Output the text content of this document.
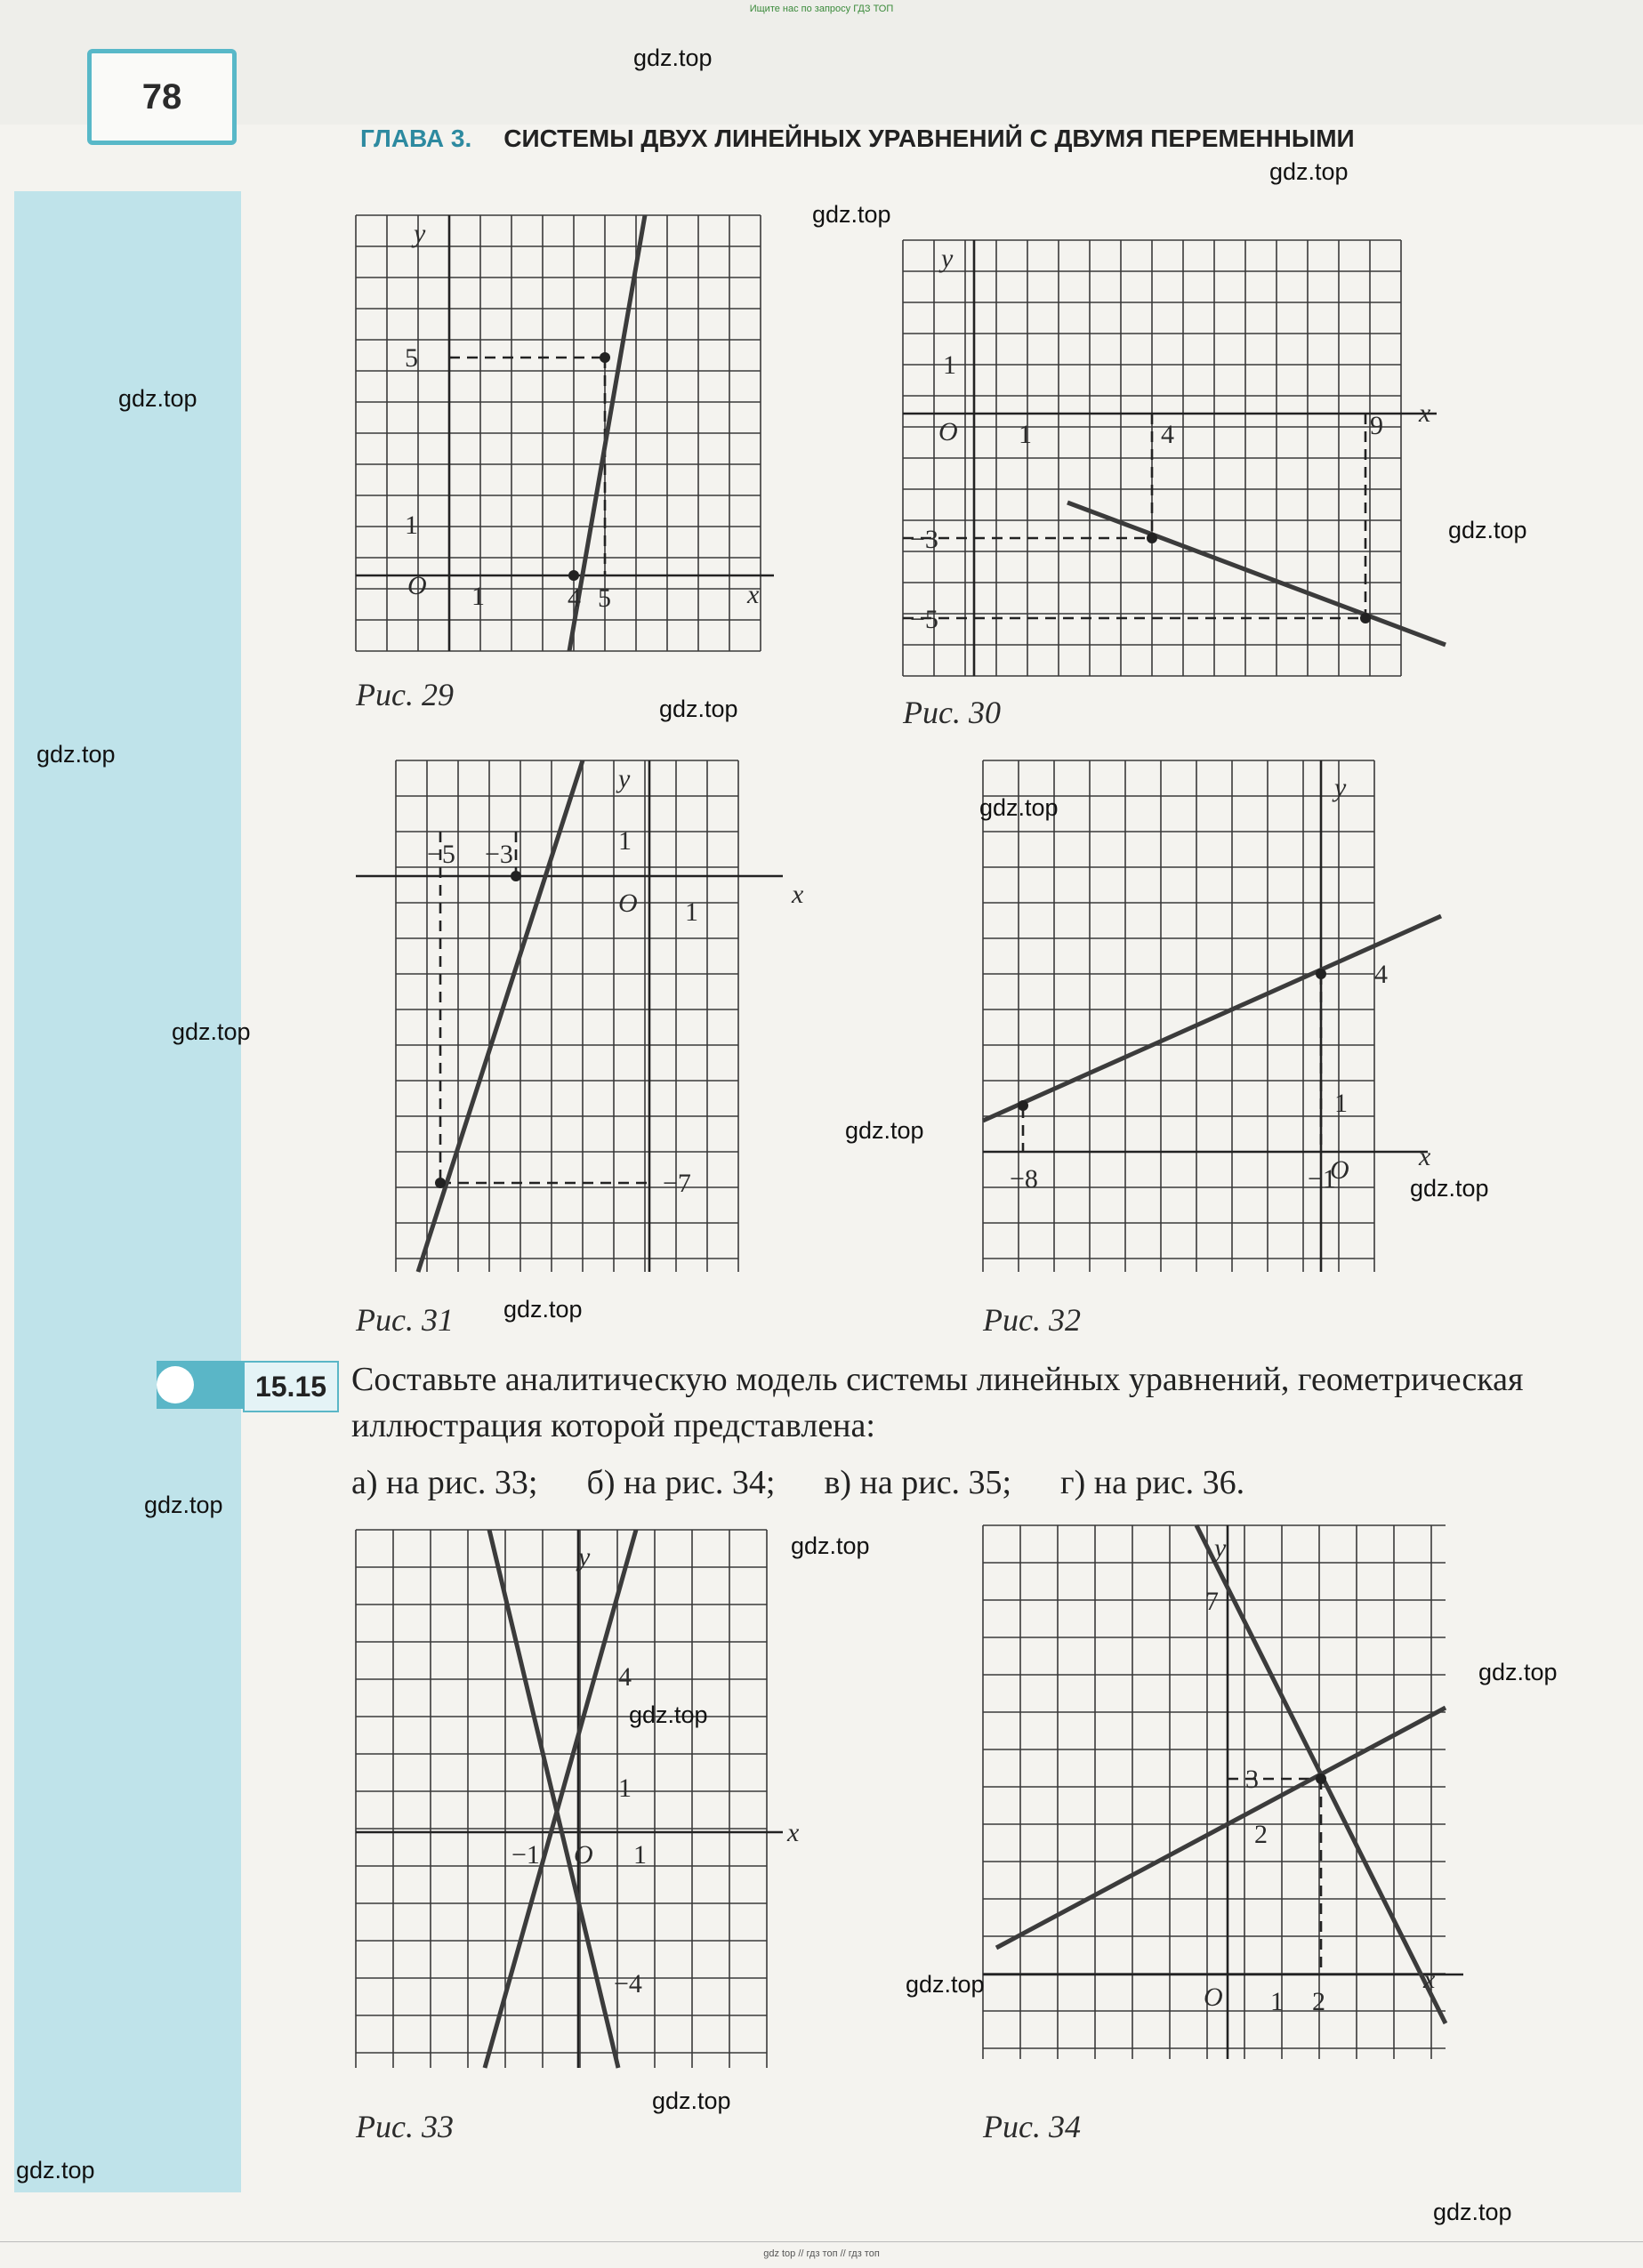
Ищите нас по запросу ГДЗ ТОП
78
ГЛАВА 3. СИСТЕМЫ ДВУХ ЛИНЕЙНЫХ УРАВНЕНИЙ С ДВУМЯ ПЕРЕМЕННЫМИ
y
x
O
5
1
1	4 5
Рис. 29
y
x
O
1
1	4	9
−3
−5
Рис. 30
y
x
O
−5 −3	1
1
−7
Рис. 31
y
x
O
4
1
−8	−1
Рис. 32
15.15 Составьте аналитическую модель системы линейных уравнений, геометрическая иллюстрация которой представлена:
а) на рис. 33; б) на рис. 34; в) на рис. 35; г) на рис. 36.
y
x
O
4
1
−1	1
−4
Рис. 33
y
x
O
7
3
2
1 2
Рис. 34
gdz.top
gdz.top
gdz.top
gdz.top
gdz.top
gdz.top
gdz.top
gdz.top
gdz.top
gdz.top
gdz.top
gdz.top
gdz.top
gdz.top
gdz.top
gdz.top
gdz.top
gdz.top
gdz.top
gdz.top
gdz top // гдз топ // гдз топ
